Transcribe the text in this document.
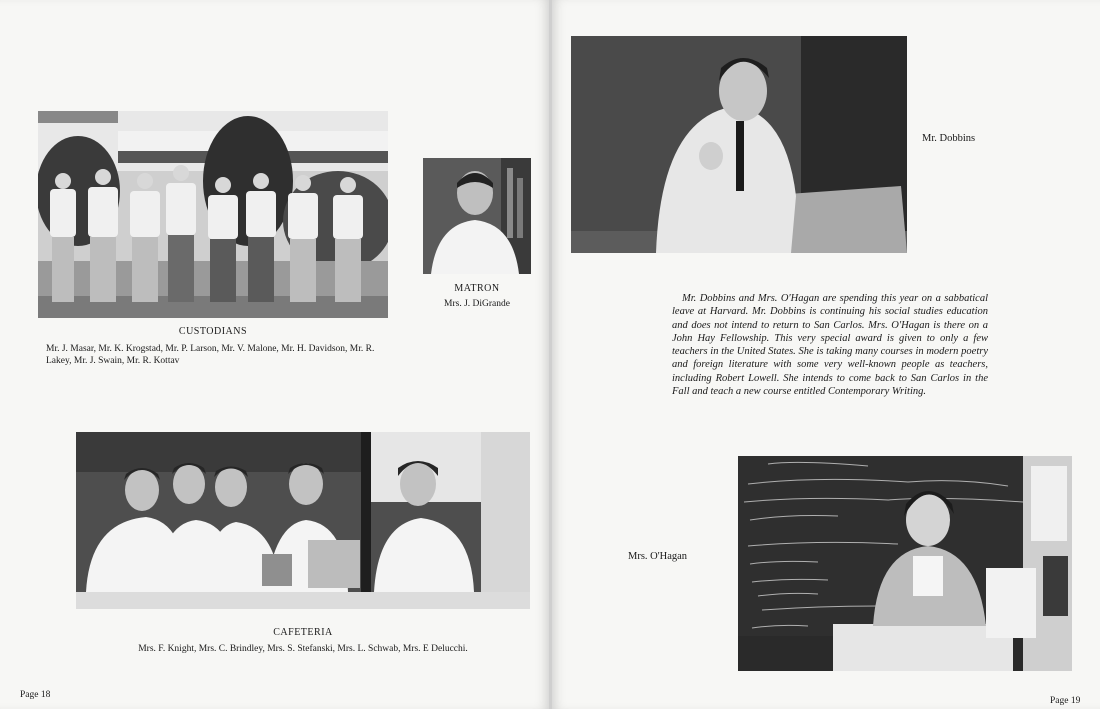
CUSTODIANS
Mr. J. Masar, Mr. K. Krogstad, Mr. P. Larson, Mr. V. Malone, Mr. H. Davidson, Mr. R. Lakey, Mr. J. Swain, Mr. R. Kottav
MATRON
Mrs. J. DiGrande
CAFETERIA
Mrs. F. Knight, Mrs. C. Brindley, Mrs. S. Stefanski, Mrs. L. Schwab, Mrs. E Delucchi.
Page 18
Mr. Dobbins

Mr. Dobbins and Mrs. O'Hagan are spending this year on a sabbatical leave at Harvard. Mr. Dobbins is continuing his social studies education and does not intend to return to San Carlos. Mrs. O'Hagan is there on a John Hay Fellowship. This very special award is given to only a few teachers in the United States. She is taking many courses in modern poetry and foreign literature with some very well-known people as teachers, including Robert Lowell. She intends to come back to San Carlos in the Fall and teach a new course entitled Contemporary Writing.

Mrs. O'Hagan
Page 19
